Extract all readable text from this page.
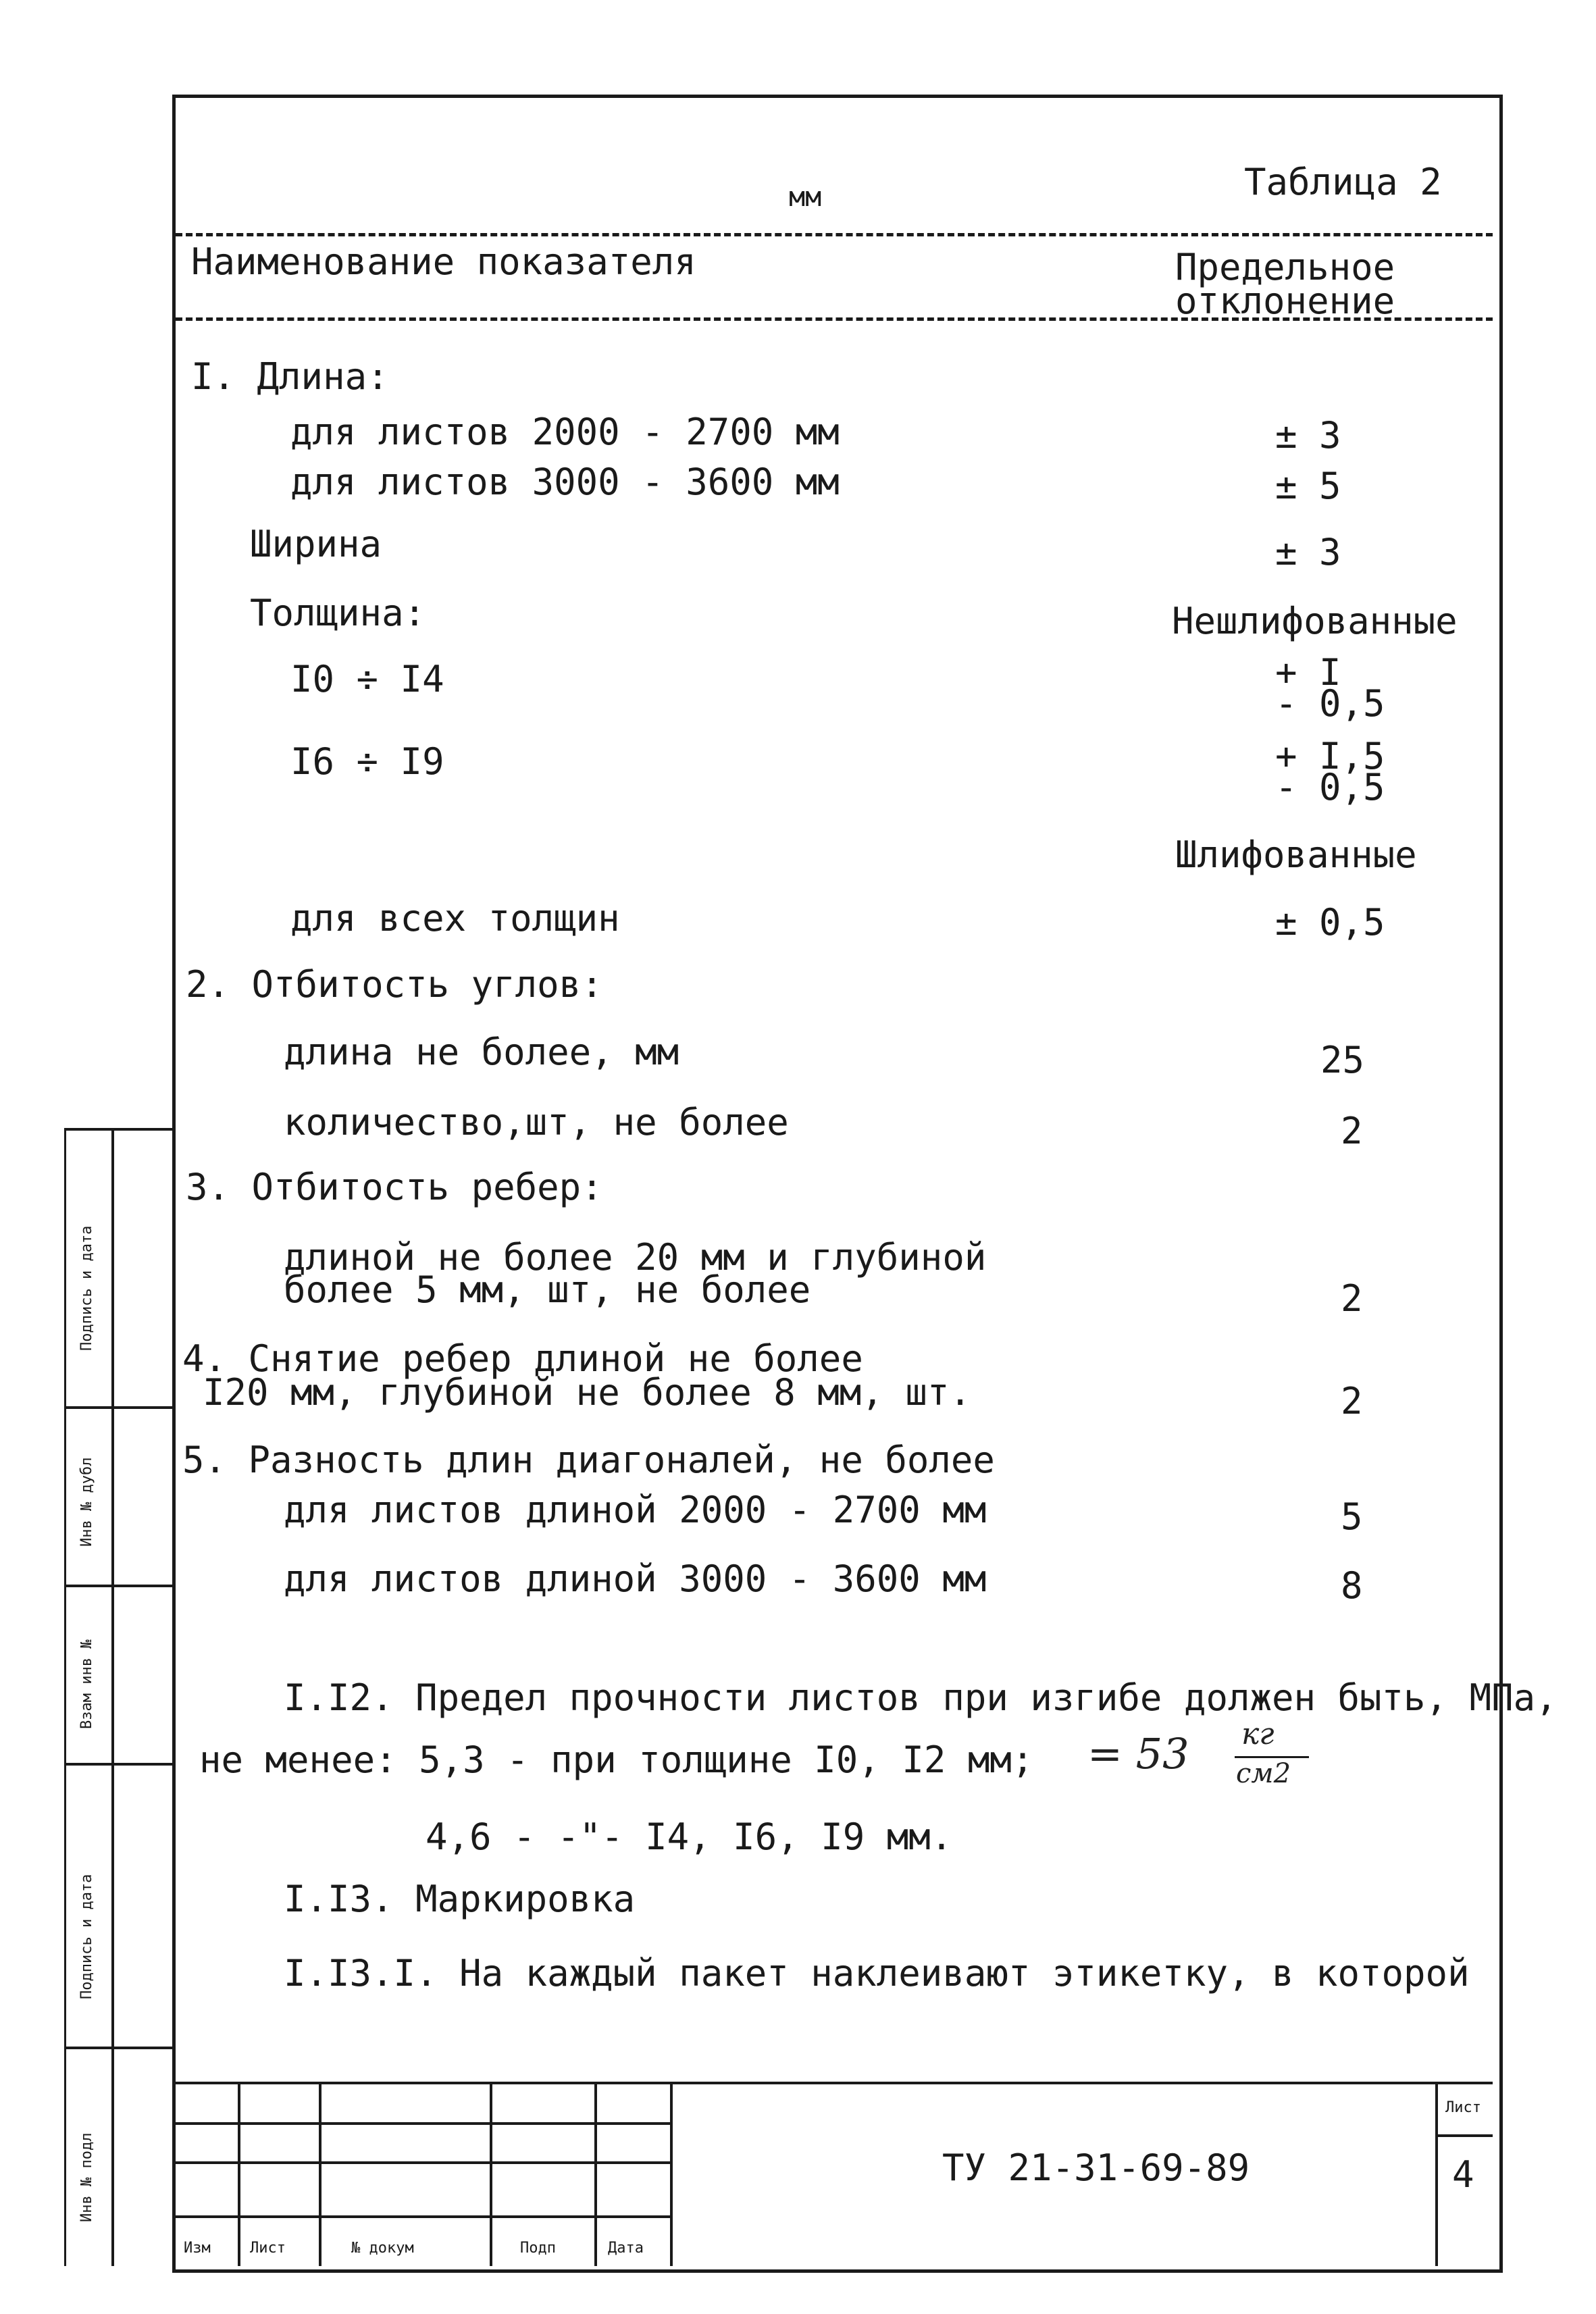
мм	Таблица 2
Наименование показателя	Предельное
отклонение
I. Длина:
для листов 2000 - 2700 мм	± 3
для листов 3000 - 3600 мм	± 5
Ширина	± 3
Толщина:	Нешлифованные
I0 ÷ I4	+ I
- 0,5
I6 ÷ I9	+ I,5
- 0,5
Шлифованные
для всех толщин	± 0,5
2. Отбитость углов:
длина не более, мм	25
количество,шт, не более	2
3. Отбитость ребер:
длиной не более 20 мм и глубиной
более 5 мм, шт, не более	2
4. Снятие ребер длиной не более
I20 мм, глубиной не более 8 мм, шт.	2
5. Разность длин диагоналей, не более
для листов длиной 2000 - 2700 мм	5
для листов длиной 3000 - 3600 мм	8
I.I2. Предел прочности листов при изгибе должен быть, МПа,
не менее: 5,3 - при толщине I0, I2 мм; = 53 кг
см2
4,6 - -"- I4, I6, I9 мм.
I.I3. Маркировка
I.I3.I. На каждый пакет наклеивают этикетку, в которой
Изм	Лист	№ докум	Подп	Дата
ТУ 21-31-69-89
Лист
4
Подпись и дата
Инв № дубл
Взам инв №
Подпись и дата
Инв № подл
